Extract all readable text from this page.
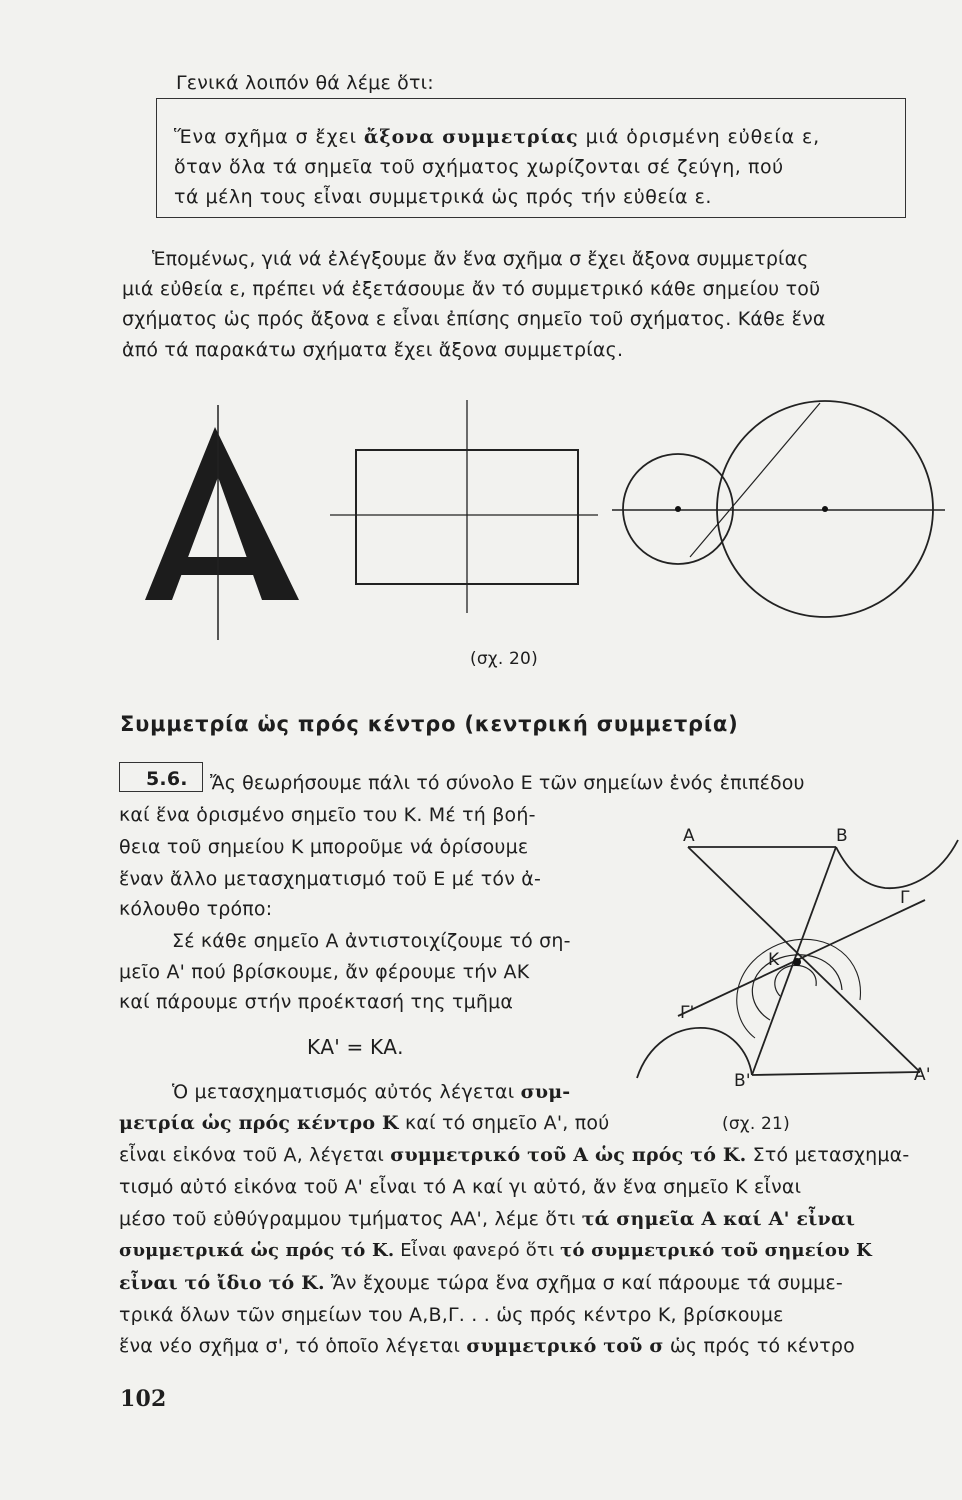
Γενικά λοιπόν θά λέμε ὅτι:
Ἕνα σχῆμα σ ἔχει ἄξονα συμμετρίας μιά ὁρισμένη εὐθεία ε,
ὅταν ὅλα τά σημεῖα τοῦ σχήματος χωρίζονται σέ ζεύγη, πού
τά μέλη τους εἶναι συμμετρικά ὡς πρός τήν εὐθεία ε.
Ἑπομένως, γιά νά ἐλέγξουμε ἄν ἕνα σχῆμα σ ἔχει ἄξονα συμμετρίας
μιά εὐθεία ε, πρέπει νά ἐξετάσουμε ἄν τό συμμετρικό κάθε σημείου τοῦ
σχήματος ὡς πρός ἄξονα ε εἶναι ἐπίσης σημεῖο τοῦ σχήματος. Κάθε ἕνα
ἀπό τά παρακάτω σχήματα ἔχει ἄξονα συμμετρίας.
(σχ. 20)
Συμμετρία ὡς πρός κέντρο (κεντρική συμμετρία)
5.6. Ἄς θεωρήσουμε πάλι τό σύνολο Ε τῶν σημείων ἑνός ἐπιπέδου
καί ἕνα ὁρισμένο σημεῖο του Κ. Μέ τή βοή-
θεια τοῦ σημείου Κ μποροῦμε νά ὁρίσουμε
ἕναν ἄλλο μετασχηματισμό τοῦ Ε μέ τόν ἀ-
κόλουθο τρόπο:
Σέ κάθε σημεῖο Α ἀντιστοιχίζουμε τό ση-
μεῖο Α' πού βρίσκουμε, ἄν φέρουμε τήν ΑΚ
καί πάρουμε στήν προέκτασή της τμῆμα
ΚΑ' = ΚΑ.
Ὁ μετασχηματισμός αὐτός λέγεται συμ-
μετρία ὡς πρός κέντρο Κ καί τό σημεῖο Α', πού	(σχ. 21)
εἶναι εἰκόνα τοῦ Α, λέγεται συμμετρικό τοῦ Α ὡς πρός τό Κ. Στό μετασχημα-
τισμό αὐτό εἰκόνα τοῦ Α' εἶναι τό Α καί γι αὐτό, ἄν ἕνα σημεῖο Κ εἶναι
μέσο τοῦ εὐθύγραμμου τμήματος ΑΑ', λέμε ὅτι τά σημεῖα Α καί Α' εἶναι
συμμετρικά ὡς πρός τό Κ. Εἶναι φανερό ὅτι τό συμμετρικό τοῦ σημείου Κ
εἶναι τό ἴδιο τό Κ. Ἄν ἔχουμε τώρα ἕνα σχῆμα σ καί πάρουμε τά συμμε-
τρικά ὅλων τῶν σημείων του Α,Β,Γ. . . ὡς πρός κέντρο Κ, βρίσκουμε
ἕνα νέο σχῆμα σ', τό ὁποῖο λέγεται συμμετρικό τοῦ σ ὡς πρός τό κέντρο
Α	Β
Γ
Κ
Γ'
Β'	Α'
102
